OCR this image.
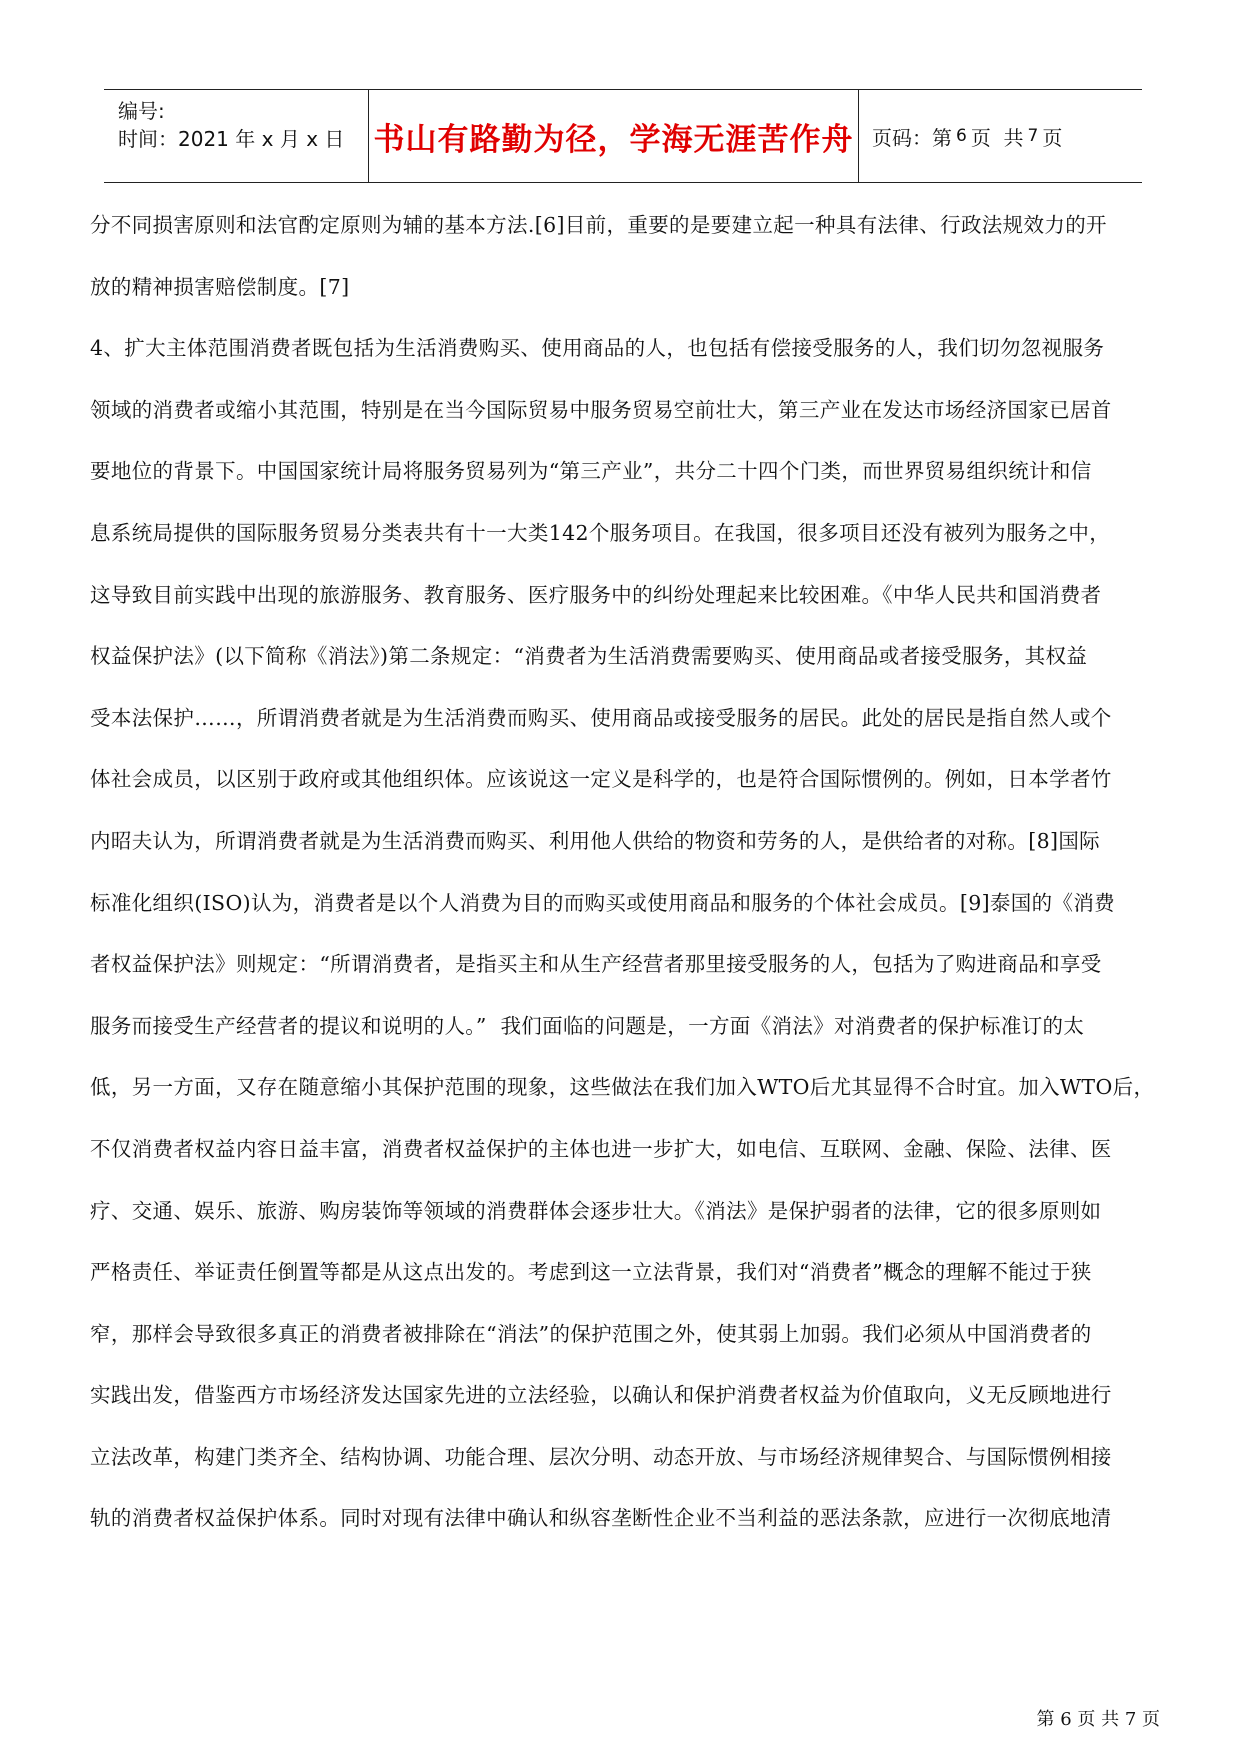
编号:
时间：2021 年 x 月 x 日 书山有路勤为径，学海无涯苦作舟 页码：第 6 页  共 7 页
分不同损害原则和法官酌定原则为辅的基本方法.[6]目前，重要的是要建立起一种具有法律、行政法规效力的开
放的精神损害赔偿制度。[7]
4、扩大主体范围消费者既包括为生活消费购买、使用商品的人，也包括有偿接受服务的人，我们切勿忽视服务
领域的消费者或缩小其范围，特别是在当今国际贸易中服务贸易空前壮大，第三产业在发达市场经济国家已居首
要地位的背景下。中国国家统计局将服务贸易列为“第三产业”，共分二十四个门类，而世界贸易组织统计和信
息系统局提供的国际服务贸易分类表共有十一大类142个服务项目。在我国，很多项目还没有被列为服务之中，
这导致目前实践中出现的旅游服务、教育服务、医疗服务中的纠纷处理起来比较困难。《中华人民共和国消费者
权益保护法》(以下简称《消法》)第二条规定：“消费者为生活消费需要购买、使用商品或者接受服务，其权益
受本法保护……，所谓消费者就是为生活消费而购买、使用商品或接受服务的居民。此处的居民是指自然人或个
体社会成员，以区别于政府或其他组织体。应该说这一定义是科学的，也是符合国际惯例的。例如，日本学者竹
内昭夫认为，所谓消费者就是为生活消费而购买、利用他人供给的物资和劳务的人，是供给者的对称。[8]国际
标准化组织(ISO)认为，消费者是以个人消费为目的而购买或使用商品和服务的个体社会成员。[9]泰国的《消费
者权益保护法》则规定：“所谓消费者，是指买主和从生产经营者那里接受服务的人，包括为了购进商品和享受
服务而接受生产经营者的提议和说明的人。”  我们面临的问题是，一方面《消法》对消费者的保护标准订的太
低，另一方面，又存在随意缩小其保护范围的现象，这些做法在我们加入WTO后尤其显得不合时宜。加入WTO后，
不仅消费者权益内容日益丰富，消费者权益保护的主体也进一步扩大，如电信、互联网、金融、保险、法律、医
疗、交通、娱乐、旅游、购房装饰等领域的消费群体会逐步壮大。《消法》是保护弱者的法律，它的很多原则如
严格责任、举证责任倒置等都是从这点出发的。考虑到这一立法背景，我们对“消费者”概念的理解不能过于狭
窄，那样会导致很多真正的消费者被排除在“消法”的保护范围之外，使其弱上加弱。我们必须从中国消费者的
实践出发，借鉴西方市场经济发达国家先进的立法经验，以确认和保护消费者权益为价值取向，义无反顾地进行
立法改革，构建门类齐全、结构协调、功能合理、层次分明、动态开放、与市场经济规律契合、与国际惯例相接
轨的消费者权益保护体系。同时对现有法律中确认和纵容垄断性企业不当利益的恶法条款，应进行一次彻底地清
第 6 页 共 7 页
